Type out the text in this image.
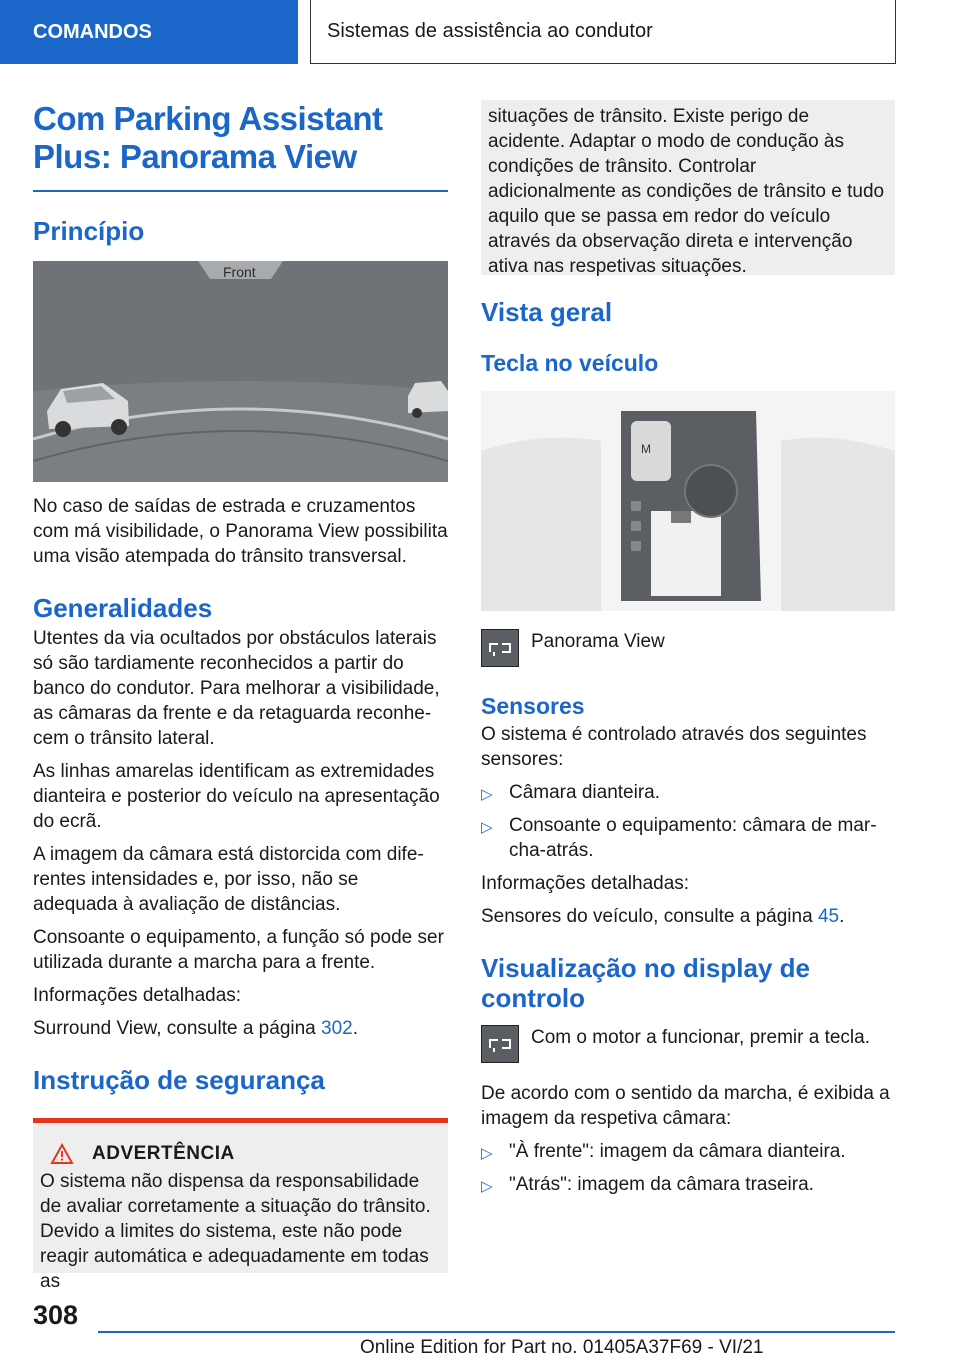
COMANDOS	Sistemas de assistência ao condutor
Com Parking Assistant Plus: Panorama View
Princípio
Front

No caso de saídas de estrada e cruzamentos com má visibilidade, o Panorama View possibilita uma visão atempada do trânsito transversal.

Generalidades

Utentes da via ocultados por obstáculos laterais só são tardiamente reconhecidos a partir do banco do condutor. Para melhorar a visibilidade, as câmaras da frente e da retaguarda reconhecem o trânsito lateral.

As linhas amarelas identificam as extremidades dianteira e posterior do veículo na apresentação do ecrã.

A imagem da câmara está distorcida com diferentes intensidades e, por isso, não se adequada à avaliação de distâncias.

Consoante o equipamento, a função só pode ser utilizada durante a marcha para a frente.

Informações detalhadas:

Surround View, consulte a página 302.

Instrução de segurança
ADVERTÊNCIA

O sistema não dispensa da responsabilidade de avaliar corretamente a situação do trânsito. Devido a limites do sistema, este não pode reagir automática e adequadamente em todas as

situações de trânsito. Existe perigo de acidente. Adaptar o modo de condução às condições de trânsito. Controlar adicionalmente as condições de trânsito e tudo aquilo que se passa em redor do veículo através da observação direta e intervenção ativa nas respetivas situações.

Vista geral
Tecla no veículo
M

Panorama View

Sensores

O sistema é controlado através dos seguintes sensores:

▷ Câmara dianteira.
▷ Consoante o equipamento: câmara de marcha-atrás.

Informações detalhadas:

Sensores do veículo, consulte a página 45.

Visualização no display de controlo

Com o motor a funcionar, premir a tecla.

De acordo com o sentido da marcha, é exibida a imagem da respetiva câmara:

▷ "À frente": imagem da câmara dianteira.
▷ "Atrás": imagem da câmara traseira.
308
Online Edition for Part no. 01405A37F69 - VI/21
